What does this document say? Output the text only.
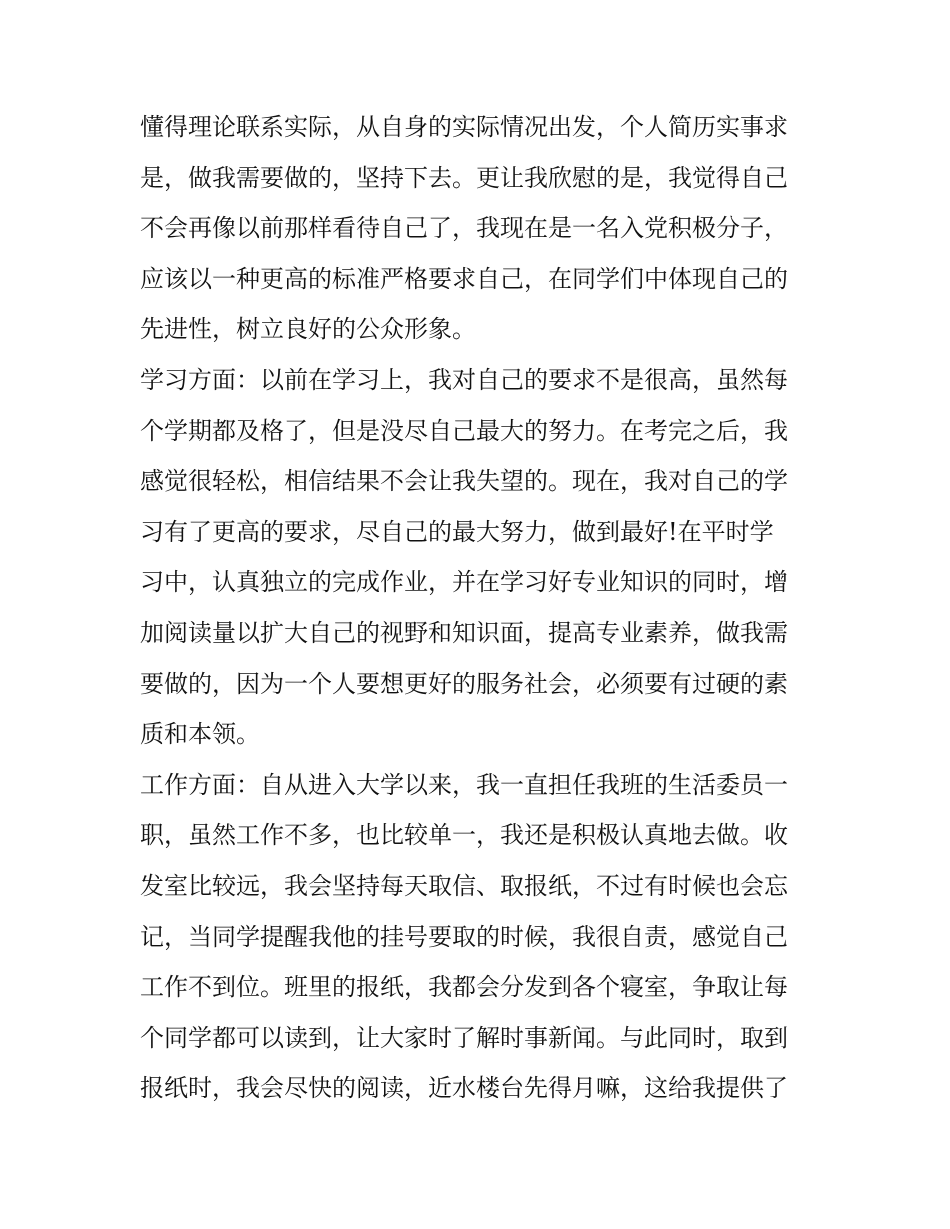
懂得理论联系实际，从自身的实际情况出发，个人简历实事求
是，做我需要做的，坚持下去。更让我欣慰的是，我觉得自己
不会再像以前那样看待自己了，我现在是一名入党积极分子，
应该以一种更高的标准严格要求自己，在同学们中体现自己的
先进性，树立良好的公众形象。
学习方面：以前在学习上，我对自己的要求不是很高，虽然每
个学期都及格了，但是没尽自己最大的努力。在考完之后，我
感觉很轻松，相信结果不会让我失望的。现在，我对自己的学
习有了更高的要求，尽自己的最大努力，做到最好!在平时学
习中，认真独立的完成作业，并在学习好专业知识的同时，增
加阅读量以扩大自己的视野和知识面，提高专业素养，做我需
要做的，因为一个人要想更好的服务社会，必须要有过硬的素
质和本领。
工作方面：自从进入大学以来，我一直担任我班的生活委员一
职，虽然工作不多，也比较单一，我还是积极认真地去做。收
发室比较远，我会坚持每天取信、取报纸，不过有时候也会忘
记，当同学提醒我他的挂号要取的时候，我很自责，感觉自己
工作不到位。班里的报纸，我都会分发到各个寝室，争取让每
个同学都可以读到，让大家时了解时事新闻。与此同时，取到
报纸时，我会尽快的阅读，近水楼台先得月嘛，这给我提供了
